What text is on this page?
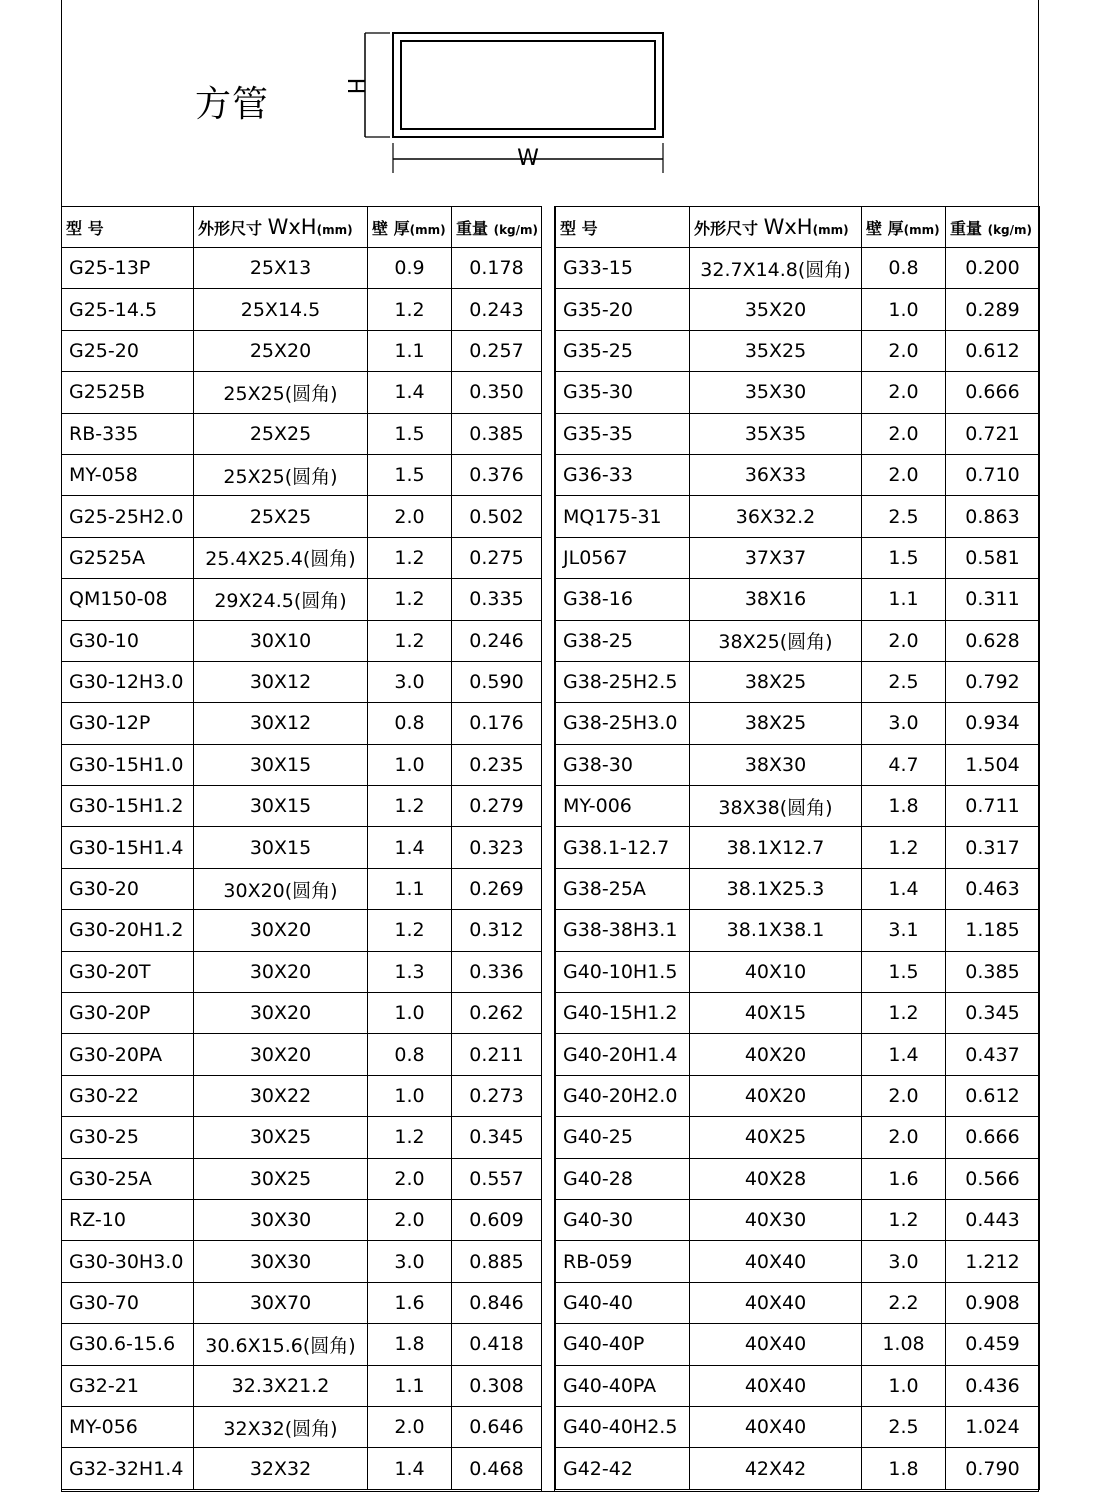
方管	H
W
型 号	外形尺寸 WxH(mm)	壁 厚(mm)	重量 (kg/m)
G25-13P	25X13	0.9	0.178
G25-14.5	25X14.5	1.2	0.243
G25-20	25X20	1.1	0.257
G2525B	25X25(圆角)	1.4	0.350
RB-335	25X25	1.5	0.385
MY-058	25X25(圆角)	1.5	0.376
G25-25H2.0	25X25	2.0	0.502
G2525A	25.4X25.4(圆角)	1.2	0.275
QM150-08	29X24.5(圆角)	1.2	0.335
G30-10	30X10	1.2	0.246
G30-12H3.0	30X12	3.0	0.590
G30-12P	30X12	0.8	0.176
G30-15H1.0	30X15	1.0	0.235
G30-15H1.2	30X15	1.2	0.279
G30-15H1.4	30X15	1.4	0.323
G30-20	30X20(圆角)	1.1	0.269
G30-20H1.2	30X20	1.2	0.312
G30-20T	30X20	1.3	0.336
G30-20P	30X20	1.0	0.262
G30-20PA	30X20	0.8	0.211
G30-22	30X22	1.0	0.273
G30-25	30X25	1.2	0.345
G30-25A	30X25	2.0	0.557
RZ-10	30X30	2.0	0.609
G30-30H3.0	30X30	3.0	0.885
G30-70	30X70	1.6	0.846
G30.6-15.6	30.6X15.6(圆角)	1.8	0.418
G32-21	32.3X21.2	1.1	0.308
MY-056	32X32(圆角)	2.0	0.646
G32-32H1.4	32X32	1.4	0.468
型 号	外形尺寸 WxH(mm)	壁 厚(mm)	重量 (kg/m)
G33-15	32.7X14.8(圆角)	0.8	0.200
G35-20	35X20	1.0	0.289
G35-25	35X25	2.0	0.612
G35-30	35X30	2.0	0.666
G35-35	35X35	2.0	0.721
G36-33	36X33	2.0	0.710
MQ175-31	36X32.2	2.5	0.863
JL0567	37X37	1.5	0.581
G38-16	38X16	1.1	0.311
G38-25	38X25(圆角)	2.0	0.628
G38-25H2.5	38X25	2.5	0.792
G38-25H3.0	38X25	3.0	0.934
G38-30	38X30	4.7	1.504
MY-006	38X38(圆角)	1.8	0.711
G38.1-12.7	38.1X12.7	1.2	0.317
G38-25A	38.1X25.3	1.4	0.463
G38-38H3.1	38.1X38.1	3.1	1.185
G40-10H1.5	40X10	1.5	0.385
G40-15H1.2	40X15	1.2	0.345
G40-20H1.4	40X20	1.4	0.437
G40-20H2.0	40X20	2.0	0.612
G40-25	40X25	2.0	0.666
G40-28	40X28	1.6	0.566
G40-30	40X30	1.2	0.443
RB-059	40X40	3.0	1.212
G40-40	40X40	2.2	0.908
G40-40P	40X40	1.08	0.459
G40-40PA	40X40	1.0	0.436
G40-40H2.5	40X40	2.5	1.024
G42-42	42X42	1.8	0.790
